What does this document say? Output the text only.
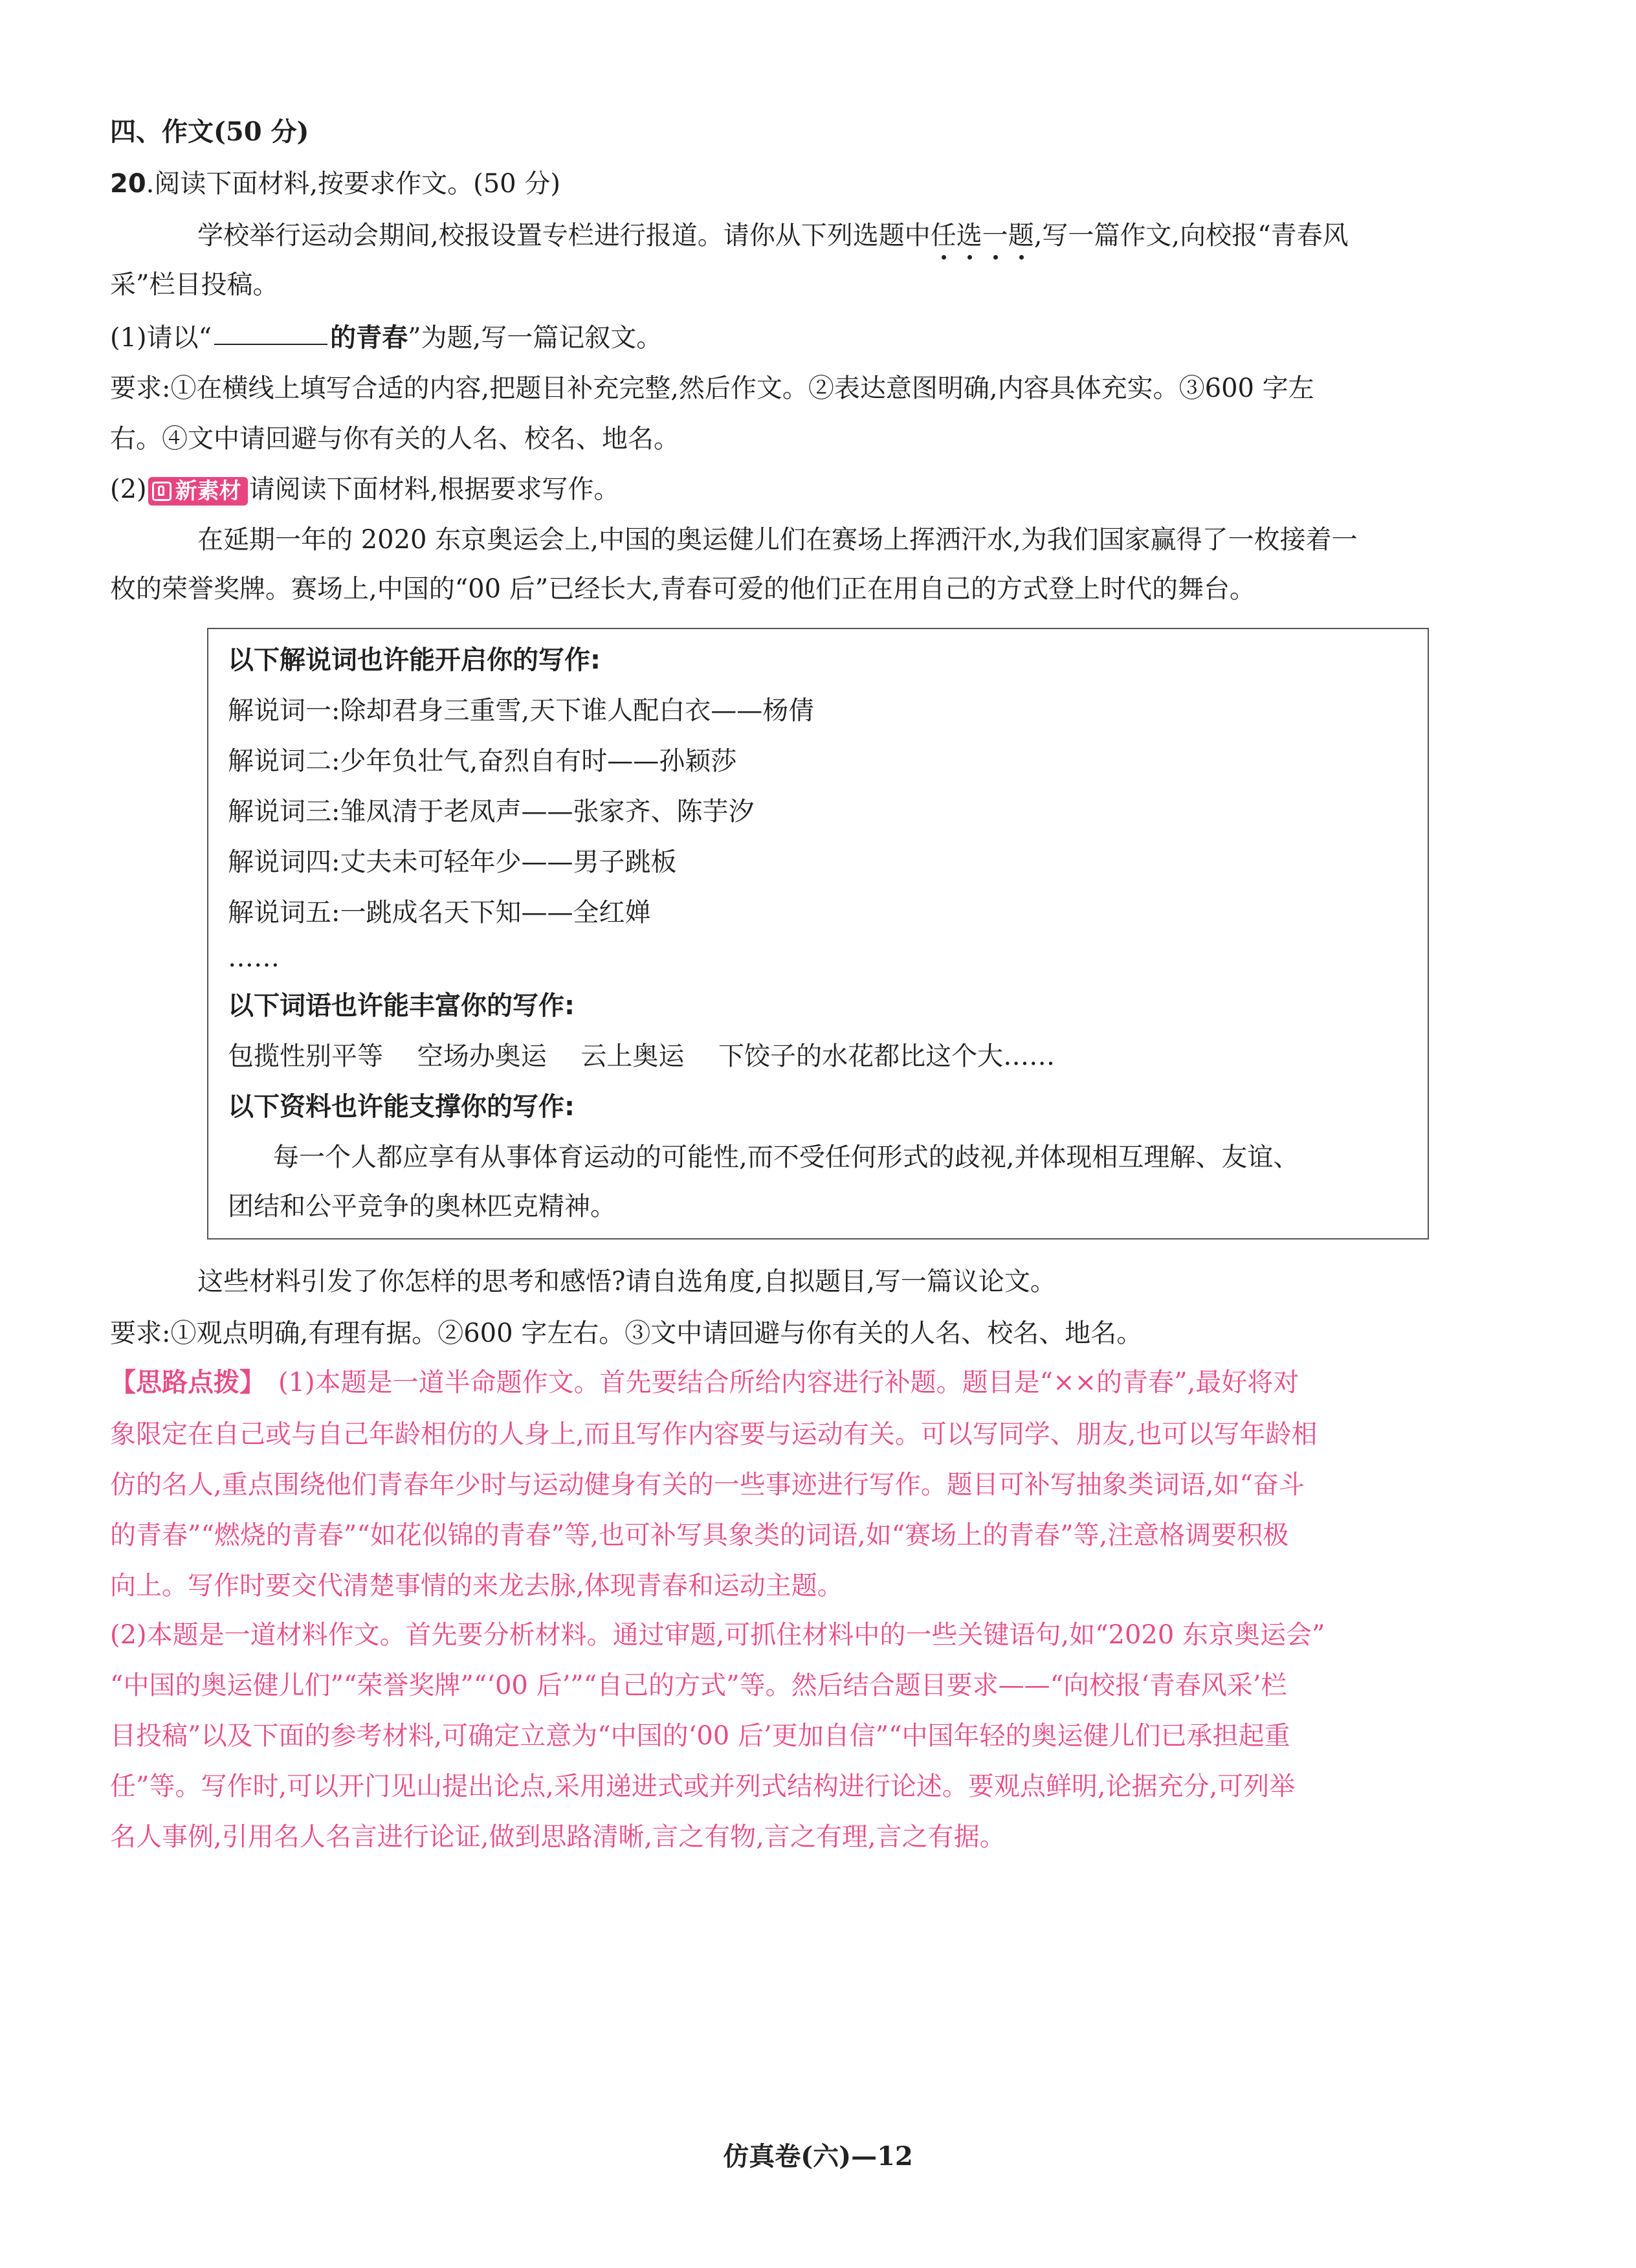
四、作文(50 分)
20.阅读下面材料,按要求作文。(50 分)
学校举行运动会期间,校报设置专栏进行报道。请你从下列选题中任选一题,写一篇作文,向校报“青春风
采”栏目投稿。
(1)请以“	的青春”为题,写一篇记叙文。
要求:①在横线上填写合适的内容,把题目补充完整,然后作文。②表达意图明确,内容具体充实。③600 字左
右。④文中请回避与你有关的人名、校名、地名。
(2) 新素材 请阅读下面材料,根据要求写作。
在延期一年的 2020 东京奥运会上,中国的奥运健儿们在赛场上挥洒汗水,为我们国家赢得了一枚接着一
枚的荣誉奖牌。赛场上,中国的“00 后”已经长大,青春可爱的他们正在用自己的方式登上时代的舞台。
以下解说词也许能开启你的写作:
解说词一:除却君身三重雪,天下谁人配白衣——杨倩
解说词二:少年负壮气,奋烈自有时——孙颖莎
解说词三:雏凤清于老凤声——张家齐、陈芋汐
解说词四:丈夫未可轻年少——男子跳板
解说词五:一跳成名天下知——全红婵
……
以下词语也许能丰富你的写作:
包揽性别平等　 空场办奥运　 云上奥运　 下饺子的水花都比这个大……
以下资料也许能支撑你的写作:
每一个人都应享有从事体育运动的可能性,而不受任何形式的歧视,并体现相互理解、友谊、
团结和公平竞争的奥林匹克精神。
这些材料引发了你怎样的思考和感悟?请自选角度,自拟题目,写一篇议论文。
要求:①观点明确,有理有据。②600 字左右。③文中请回避与你有关的人名、校名、地名。
【思路点拨】　(1)本题是一道半命题作文。首先要结合所给内容进行补题。题目是“××的青春”,最好将对
象限定在自己或与自己年龄相仿的人身上,而且写作内容要与运动有关。可以写同学、朋友,也可以写年龄相
仿的名人,重点围绕他们青春年少时与运动健身有关的一些事迹进行写作。题目可补写抽象类词语,如“奋斗
的青春”“燃烧的青春”“如花似锦的青春”等,也可补写具象类的词语,如“赛场上的青春”等,注意格调要积极
向上。写作时要交代清楚事情的来龙去脉,体现青春和运动主题。
(2)本题是一道材料作文。首先要分析材料。通过审题,可抓住材料中的一些关键语句,如“2020 东京奥运会”
“中国的奥运健儿们”“荣誉奖牌”“‘00 后’”“自己的方式”等。然后结合题目要求——“向校报‘青春风采’栏
目投稿”以及下面的参考材料,可确定立意为“中国的‘00 后’更加自信”“中国年轻的奥运健儿们已承担起重
任”等。写作时,可以开门见山提出论点,采用递进式或并列式结构进行论述。要观点鲜明,论据充分,可列举
名人事例,引用名人名言进行论证,做到思路清晰,言之有物,言之有理,言之有据。
仿真卷(六)—12
